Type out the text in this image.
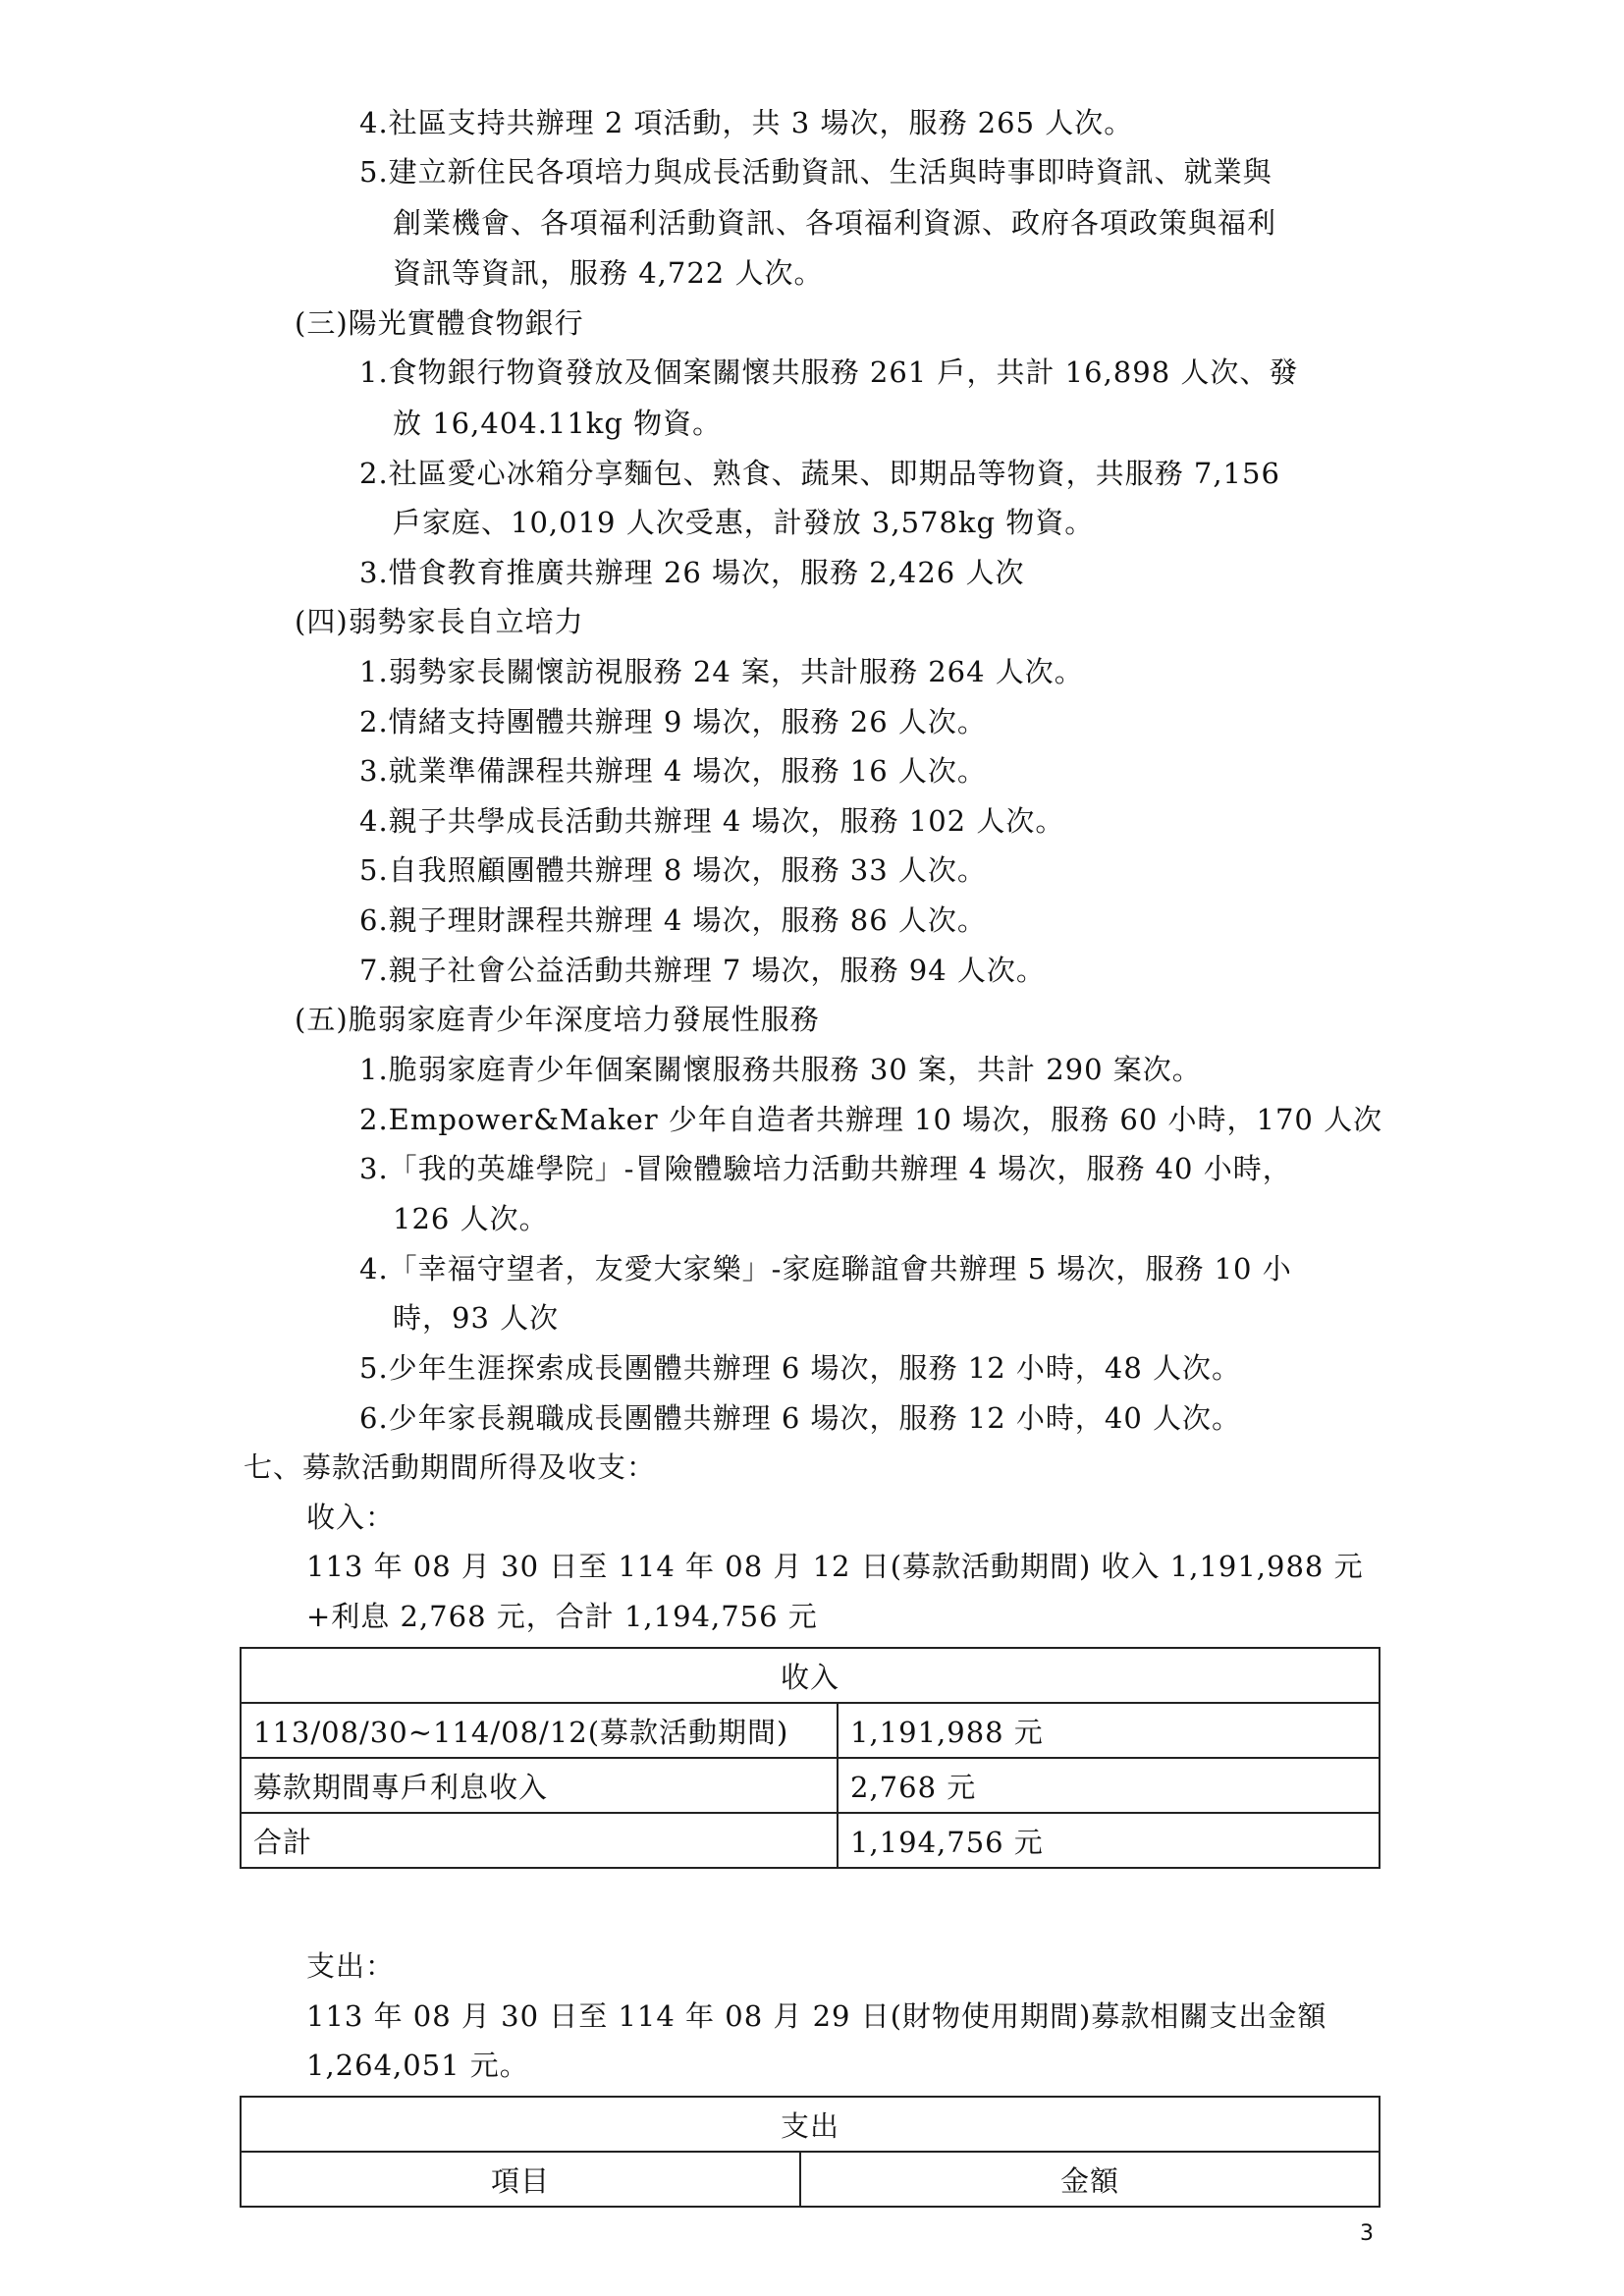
4.社區支持共辦理 2 項活動，共 3 場次，服務 265 人次。
5.建立新住民各項培力與成長活動資訊、生活與時事即時資訊、就業與
創業機會、各項福利活動資訊、各項福利資源、政府各項政策與福利
資訊等資訊，服務 4,722 人次。
(三)陽光實體食物銀行
1.食物銀行物資發放及個案關懷共服務 261 戶，共計 16,898 人次、發
放 16,404.11kg 物資。
2.社區愛心冰箱分享麵包、熟食、蔬果、即期品等物資，共服務 7,156
戶家庭、10,019 人次受惠，計發放 3,578kg 物資。
3.惜食教育推廣共辦理 26 場次，服務 2,426 人次
(四)弱勢家長自立培力
1.弱勢家長關懷訪視服務 24 案，共計服務 264 人次。
2.情緒支持團體共辦理 9 場次，服務 26 人次。
3.就業準備課程共辦理 4 場次，服務 16 人次。
4.親子共學成長活動共辦理 4 場次，服務 102 人次。
5.自我照顧團體共辦理 8 場次，服務 33 人次。
6.親子理財課程共辦理 4 場次，服務 86 人次。
7.親子社會公益活動共辦理 7 場次，服務 94 人次。
(五)脆弱家庭青少年深度培力發展性服務
1.脆弱家庭青少年個案關懷服務共服務 30 案，共計 290 案次。
2.Empower&Maker 少年自造者共辦理 10 場次，服務 60 小時，170 人次
3.「我的英雄學院」-冒險體驗培力活動共辦理 4 場次，服務 40 小時，
126 人次。
4.「幸福守望者，友愛大家樂」-家庭聯誼會共辦理 5 場次，服務 10 小
時，93 人次
5.少年生涯探索成長團體共辦理 6 場次，服務 12 小時，48 人次。
6.少年家長親職成長團體共辦理 6 場次，服務 12 小時，40 人次。
七、募款活動期間所得及收支：
收入：
113 年 08 月 30 日至 114 年 08 月 12 日(募款活動期間) 收入 1,191,988 元
+利息 2,768 元，合計 1,194,756 元
收入	
113/08/30~114/08/12(募款活動期間)	1,191,988 元
募款期間專戶利息收入	2,768 元
合計	1,194,756 元
支出：
113 年 08 月 30 日至 114 年 08 月 29 日(財物使用期間)募款相關支出金額
1,264,051 元。
支出
項目	金額
3
